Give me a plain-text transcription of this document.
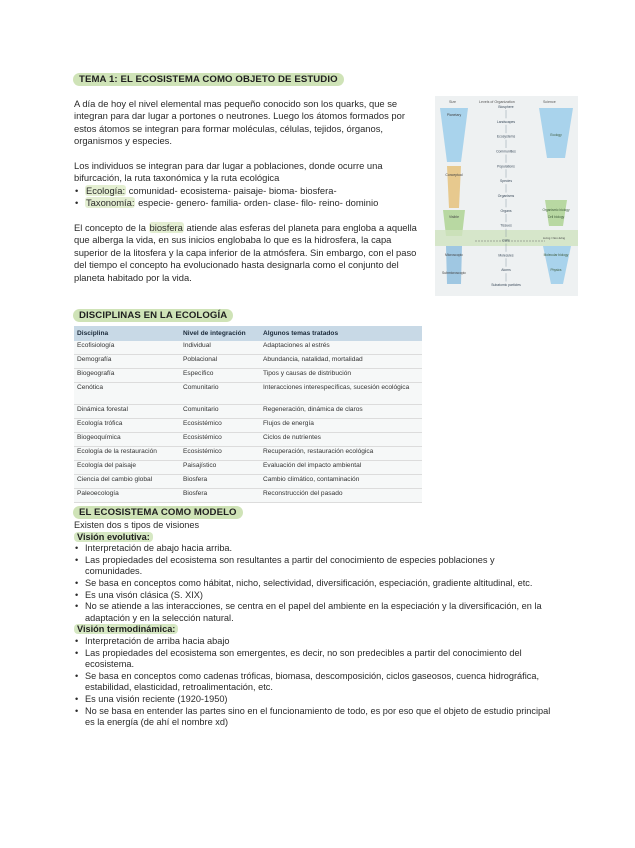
TEMA 1: EL ECOSISTEMA COMO OBJETO DE ESTUDIO
A día de hoy el nivel elemental mas pequeño conocido son los quarks, que se integran para dar lugar a portones o neutrones. Luego los átomos formados por estos átomos se integran para formar moléculas, células, tejidos, órganos, organismos y especies.
Los individuos se integran para dar lugar a poblaciones, donde ocurre una bifurcación, la ruta taxonómica y la ruta ecológica
• Ecología: comunidad- ecosistema- paisaje- bioma- biosfera-
• Taxonomía: especie- genero- familia- orden- clase- filo- reino- dominio
El concepto de la biosfera atiende alas esferas del planeta para engloba a aquella que alberga la vida, en sus inicios englobaba lo que es la hidrosfera, la capa superior de la litosfera y la capa inferior de la atmósfera. Sin embargo, con el paso del tiempo el concepto ha evolucionado hasta designarla como el conjunto del planeta habitado por la vida.
Size	Levels of Organization	Science
Living / Non-living
Biosphere
Landscapes
Ecosystems
Communities
Populations
Species
Organisms
Organs
Tissues
Cells
Molecules
Atoms
Subatomic particles
Planetary
Conceptual
Visible
Microscopic
Submicroscopic
Ecology
Organismic biology
Cell biology
Molecular biology
Physics
DISCIPLINAS EN LA ECOLOGÍA
Disciplina	Nivel de integración	Algunos temas tratados
Ecofisiología	Individual	Adaptaciones al estrés
Demografía	Poblacional	Abundancia, natalidad, mortalidad
Biogeografía	Específico	Tipos y causas de distribución
Cenótica	Comunitario	Interacciones interespecíficas, sucesión ecológica
Dinámica forestal	Comunitario	Regeneración, dinámica de claros
Ecología trófica	Ecosistémico	Flujos de energía
Biogeoquímica	Ecosistémico	Ciclos de nutrientes
Ecología de la restauración	Ecosistémico	Recuperación, restauración ecológica
Ecología del paisaje	Paisajístico	Evaluación del impacto ambiental
Ciencia del cambio global	Biosfera	Cambio climático, contaminación
Paleoecología	Biosfera	Reconstrucción del pasado
EL ECOSISTEMA COMO MODELO
Existen dos s tipos de visiones
Visión evolutiva:
• Interpretación de abajo hacia arriba.
• Las propiedades del ecosistema son resultantes a partir del conocimiento de especies poblaciones y comunidades.
• Se basa en conceptos como hábitat, nicho, selectividad, diversificación, especiación, gradiente altitudinal, etc.
• Es una visón clásica (S. XIX)
• No se atiende a las interacciones, se centra en el papel del ambiente en la especiación y la diversificación, en la adaptación y en la selección natural.
Visión termodinámica:
• Interpretación de arriba hacia abajo
• Las propiedades del ecosistema son emergentes, es decir, no son predecibles a partir del conocimiento del ecosistema.
• Se basa en conceptos como cadenas tróficas, biomasa, descomposición, ciclos gaseosos, cuenca hidrográfica, estabilidad, elasticidad, retroalimentación, etc.
• Es una visión reciente (1920-1950)
• No se basa en entender las partes sino en el funcionamiento de todo, es por eso que el objeto de estudio principal es la energía (de ahí el nombre xd)
